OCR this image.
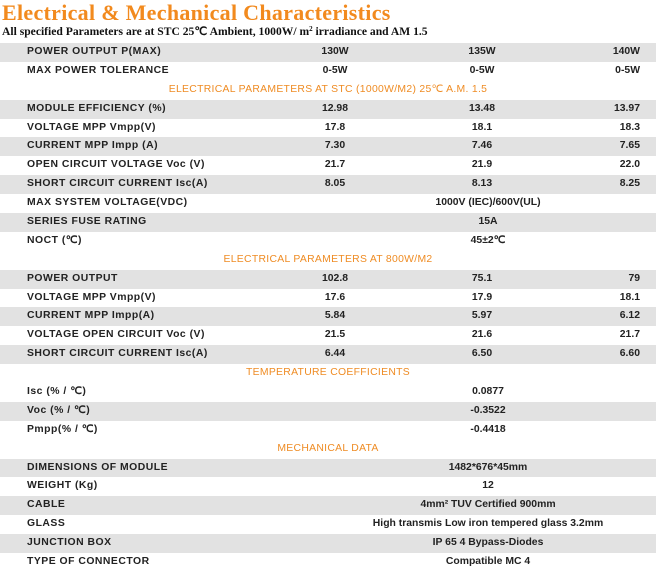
Electrical & Mechanical Characteristics
All specified Parameters are at STC 25℃ Ambient, 1000W/ $m^2$ irradiance and AM 1.5
POWER OUTPUT P(MAX)	130W	135W	140W
MAX POWER TOLERANCE	0-5W	0-5W	0-5W
ELECTRICAL PARAMETERS AT STC (1000W/M2) 25℃ A.M. 1.5
MODULE EFFICIENCY (%)	12.98	13.48	13.97
VOLTAGE MPP Vmpp(V)	17.8	18.1	18.3
CURRENT MPP Impp (A)	7.30	7.46	7.65
OPEN CIRCUIT VOLTAGE Voc (V)	21.7	21.9	22.0
SHORT CIRCUIT CURRENT Isc(A)	8.05	8.13	8.25
MAX SYSTEM VOLTAGE(VDC)	1000V (IEC)/600V(UL)
SERIES FUSE RATING	15A
NOCT (℃)	45±2℃
ELECTRICAL PARAMETERS AT 800W/M2
POWER OUTPUT	102.8	75.1	79
VOLTAGE MPP Vmpp(V)	17.6	17.9	18.1
CURRENT MPP Impp(A)	5.84	5.97	6.12
VOLTAGE OPEN CIRCUIT Voc (V)	21.5	21.6	21.7
SHORT CIRCUIT CURRENT Isc(A)	6.44	6.50	6.60
TEMPERATURE COEFFICIENTS
Isc (% / ℃)	0.0877
Voc (% / ℃)	-0.3522
Pmpp(% / ℃)	-0.4418
MECHANICAL DATA
DIMENSIONS OF MODULE	1482*676*45mm
WEIGHT (Kg)	12
CABLE	4mm² TUV Certified 900mm
GLASS	High transmis Low iron tempered glass 3.2mm
JUNCTION BOX	IP 65 4 Bypass-Diodes
TYPE OF CONNECTOR	Compatible MC 4
